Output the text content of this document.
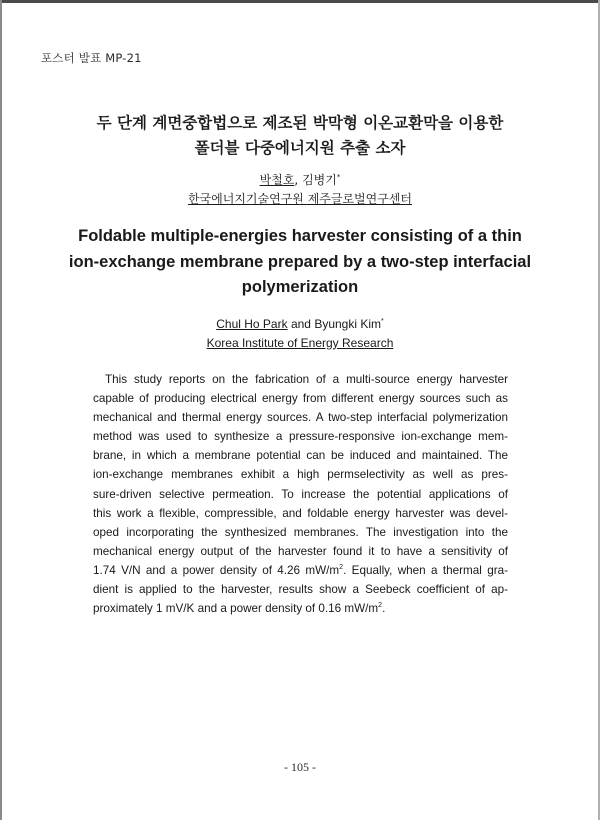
포스터 발표 MP-21
두 단계 계면중합법으로 제조된 박막형 이온교환막을 이용한
폴더블 다중에너지원 추출 소자
박철호, 김병기*
한국에너지기술연구원 제주글로벌연구센터
Foldable multiple-energies harvester consisting of a thin
ion-exchange membrane prepared by a two-step interfacial
polymerization
Chul Ho Park and Byungki Kim*
Korea Institute of Energy Research
This study reports on the fabrication of a multi-source energy harvester
capable of producing electrical energy from different energy sources such as
mechanical and thermal energy sources. A two-step interfacial polymerization
method was used to synthesize a pressure-responsive ion-exchange mem-
brane, in which a membrane potential can be induced and maintained. The
ion-exchange membranes exhibit a high permselectivity as well as pres-
sure-driven selective permeation. To increase the potential applications of
this work a flexible, compressible, and foldable energy harvester was devel-
oped incorporating the synthesized membranes. The investigation into the
mechanical energy output of the harvester found it to have a sensitivity of
1.74 V/N and a power density of 4.26 $mW/m^2$. Equally, when a thermal gra-
dient is applied to the harvester, results show a Seebeck coefficient of ap-
proximately 1 mV/K and a power density of 0.16 $mW/m^2$.
- 105 -
